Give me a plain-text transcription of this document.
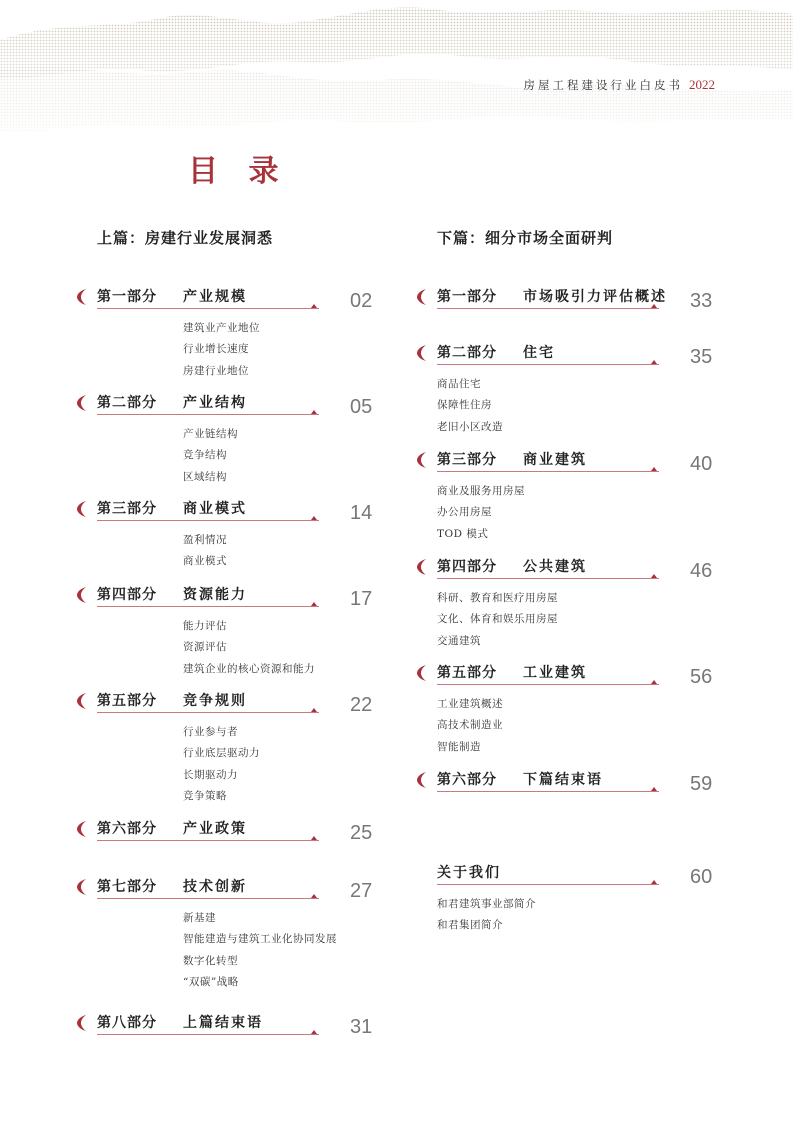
房屋工程建设行业白皮书 2022
目 录
上篇：房建行业发展洞悉	下篇：细分市场全面研判
第一部分 产业规模	02
建筑业产业地位
行业增长速度
房建行业地位
第二部分 产业结构	05
产业链结构
竞争结构
区域结构
第三部分 商业模式	14
盈利情况
商业模式
第四部分 资源能力	17
能力评估
资源评估
建筑企业的核心资源和能力
第五部分 竞争规则	22
行业参与者
行业底层驱动力
长期驱动力
竞争策略
第六部分 产业政策	25
第七部分 技术创新	27
新基建
智能建造与建筑工业化协同发展
数字化转型
“双碳”战略
第八部分 上篇结束语	31
第一部分 市场吸引力评估概述 33
第二部分 住宅	35
商品住宅
保障性住房
老旧小区改造
第三部分 商业建筑	40
商业及服务用房屋
办公用房屋
TOD 模式
第四部分 公共建筑	46
科研、教育和医疗用房屋
文化、体育和娱乐用房屋
交通建筑
第五部分 工业建筑	56
工业建筑概述
高技术制造业
智能制造
第六部分 下篇结束语	59
关于我们	60
和君建筑事业部简介
和君集团简介
